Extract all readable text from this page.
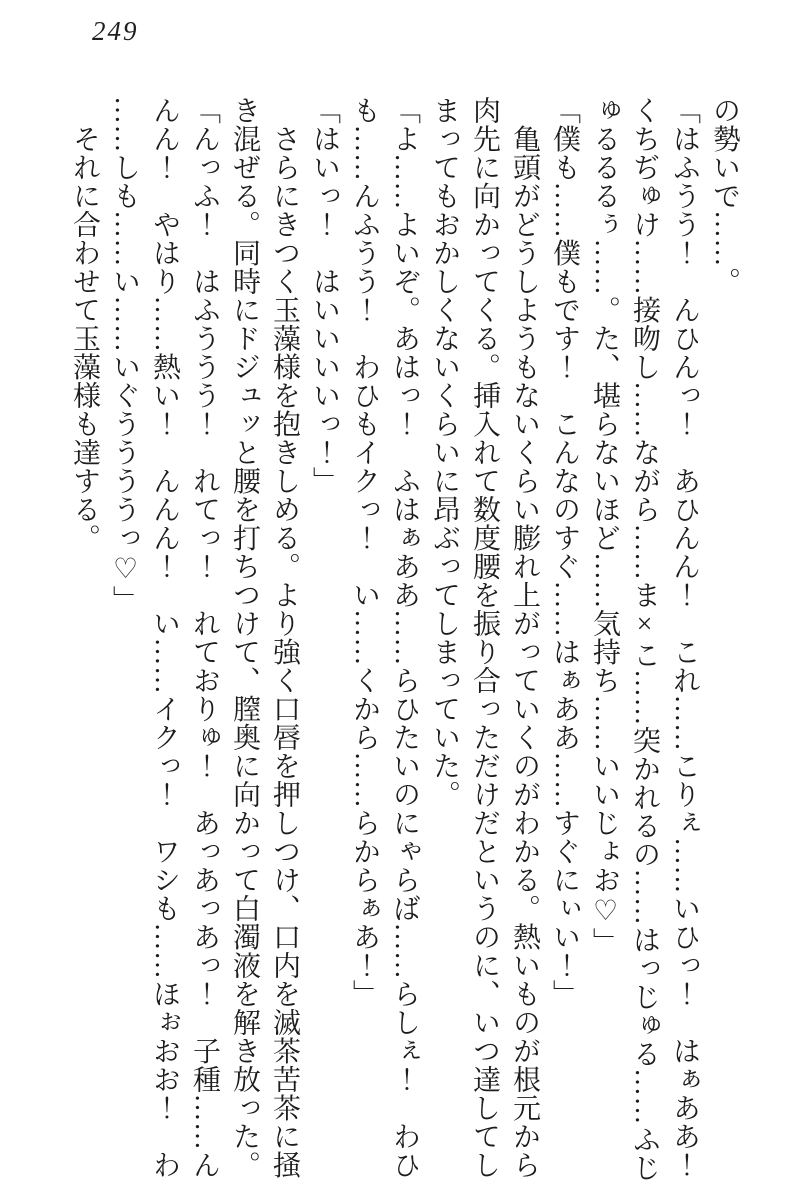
249
の勢いで……。
「はふうう！　んひんっ！　あひんん！　これ……こりぇ……いひっ！　はぁああ！
くちぢゅけ……接吻し……ながら……ま×こ……突かれるの……はっじゅる……ふじ
ゅるるるぅ……。た、堪らないほど……気持ち……いいじょお♡」
「僕も……僕もです！　こんなのすぐ……はぁああ……すぐにぃい！」
　亀頭がどうしようもないくらい膨れ上がっていくのがわかる。熱いものが根元から
肉先に向かってくる。挿入れて数度腰を振り合っただけだというのに、いつ達してし
まってもおかしくないくらいに昂ぶってしまっていた。
「よ……よいぞ。あはっ！　ふはぁああ……らひたいのにゃらば……らしぇ！　わひ
も……んふうう！　わひもイクっ！　い……くから……らからぁあ！」
「はいっ！　はいいいいっ！」
　さらにきつく玉藻様を抱きしめる。より強く口唇を押しつけ、口内を滅茶苦茶に掻
き混ぜる。同時にドジュッと腰を打ちつけて、膣奥に向かって白濁液を解き放った。
「んっふ！　はふううう！　れてっ！　れておりゅ！　あっあっあっ！　子種……ん
んん！　やはり……熱い！　んんん！　い……イクっ！　ワシも……ほぉおお！　わ
……しも……い……いぐううううっ♡」
　それに合わせて玉藻様も達する。
